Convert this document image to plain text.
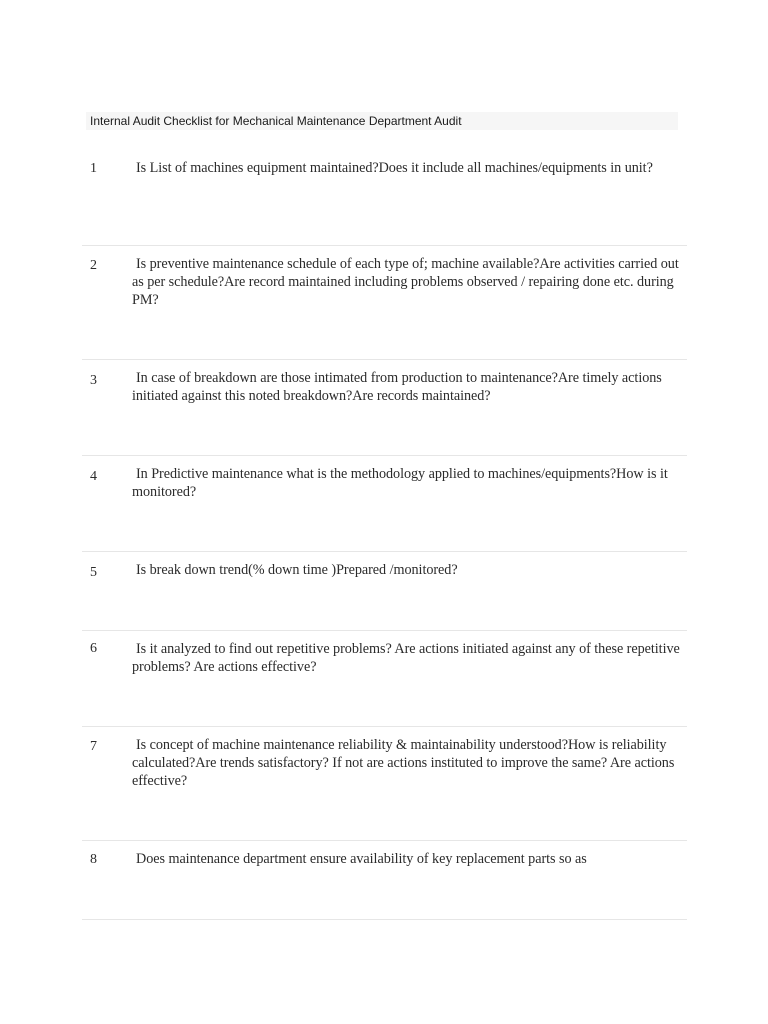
Internal Audit Checklist for Mechanical Maintenance Department Audit
1	Is List of machines equipment maintained?Does it include all machines/equipments in unit?
2	Is preventive maintenance schedule of each type of; machine available?Are activities carried out as per schedule?Are record maintained including problems observed / repairing done etc. during PM?
3	In case of breakdown are those intimated from production to maintenance?Are timely actions initiated against this noted breakdown?Are records maintained?
4	In Predictive maintenance what is the methodology applied to machines/equipments?How is it monitored?
5	Is break down trend(% down time )Prepared /monitored?
6	Is it analyzed to find out repetitive problems? Are actions initiated against any of these repetitive problems? Are actions effective?
7	Is concept of machine maintenance reliability & maintainability understood?How is reliability calculated?Are trends satisfactory? If not are actions instituted to improve the same? Are actions effective?
8	Does maintenance department ensure availability of key replacement parts so as
